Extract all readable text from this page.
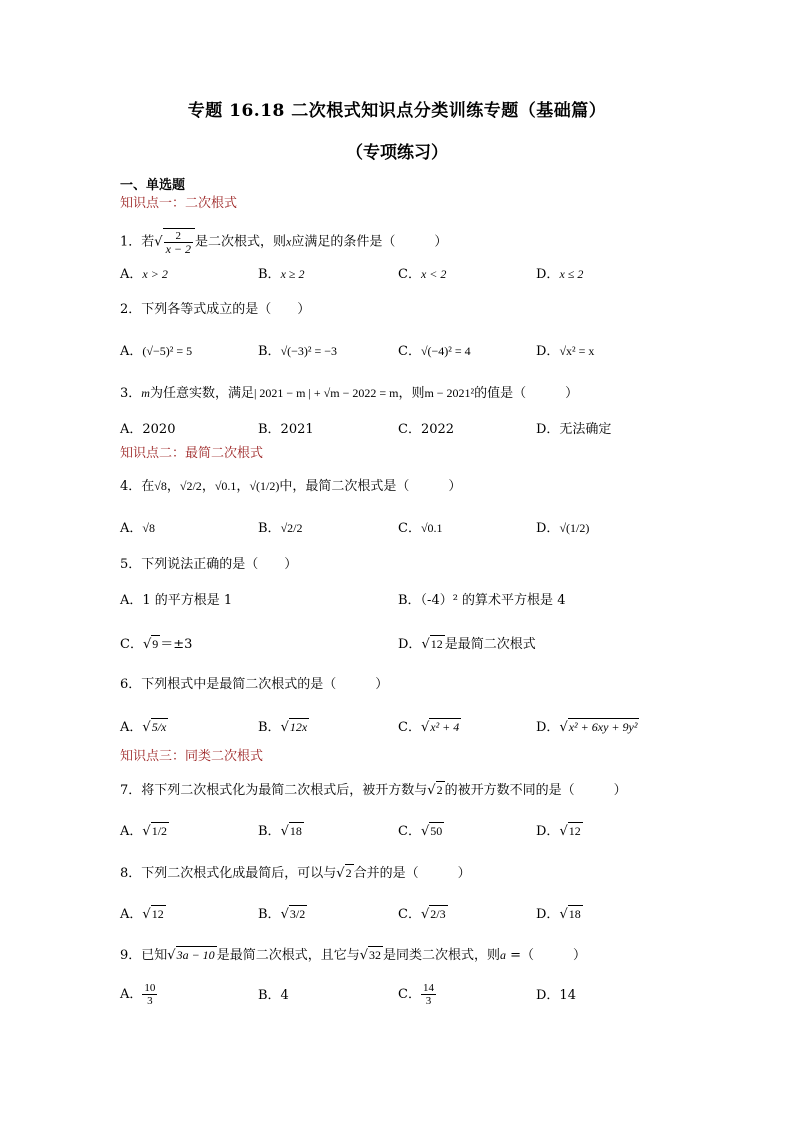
专题 16.18 二次根式知识点分类训练专题（基础篇）
（专项练习）
一、单选题
知识点一：二次根式
1．若√ $\frac{2}{x - 2}$ 是二次根式，则x应满足的条件是（　　　）
A．x > 2	B．x ≥ 2	C．x < 2	D．x ≤ 2
2．下列各等式成立的是（　　）
A．(√−5)² = 5	B．√(−3)² = −3	C．√(−4)² = 4	D．√x² = x
3．m为任意实数，满足| 2021 − m | + √m − 2022 = m，则m − 2021²的值是（　　　）
A．2020	B．2021	C．2022	D．无法确定
知识点二：最简二次根式
4．在√8，√2/2，√0.1，√(1/2)中，最简二次根式是（　　　）
A．√8	B．√2/2	C．√0.1	D．√(1/2)
5．下列说法正确的是（　　）
A．1 的平方根是 1	B．（-4）² 的算术平方根是 4
C．√9 ＝±3	D．√12 是最简二次根式
6．下列根式中是最简二次根式的是（　　　）
A．√5/x	B．√12x	C．√x² + 4	D．√x² + 6xy + 9y²
知识点三：同类二次根式
7．将下列二次根式化为最简二次根式后，被开方数与√2 的被开方数不同的是（　　　）
A．√1/2	B．√18	C．√50	D．√12
8．下列二次根式化成最简后，可以与√2 合并的是（　　　）
A．√12	B．√3/2	C．√2/3	D．√18
9．已知√3a − 10 是最简二次根式，且它与√32 是同类二次根式，则a =（　　　）
A． $\frac{10}{3}$	B．4	C． $\frac{14}{3}$	D．14
